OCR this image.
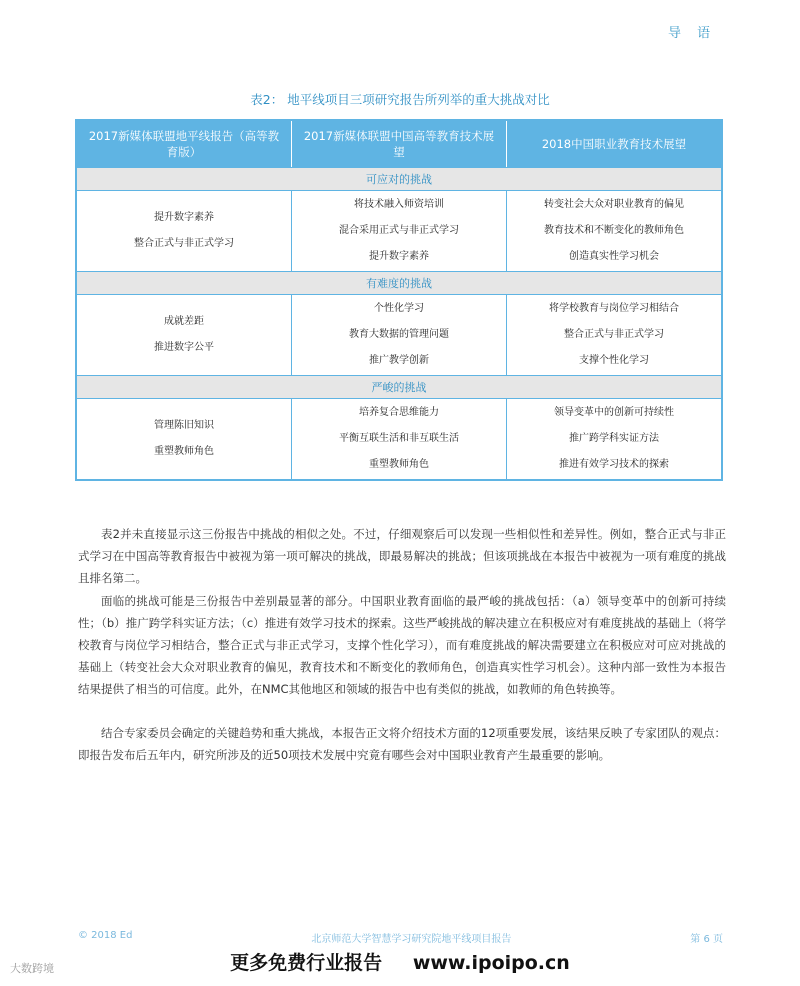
导 语
表2： 地平线项目三项研究报告所列举的重大挑战对比
2017新媒体联盟地平线报告（高等教育版）
2017新媒体联盟中国高等教育技术展望
2018中国职业教育技术展望
可应对的挑战
提升数字素养
整合正式与非正式学习
将技术融入师资培训
混合采用正式与非正式学习
提升数字素养
转变社会大众对职业教育的偏见
教育技术和不断变化的教师角色
创造真实性学习机会
有难度的挑战
成就差距
推进数字公平
个性化学习
教育大数据的管理问题
推广教学创新
将学校教育与岗位学习相结合
整合正式与非正式学习
支撑个性化学习
严峻的挑战
管理陈旧知识
重塑教师角色
培养复合思维能力
平衡互联生活和非互联生活
重塑教师角色
领导变革中的创新可持续性
推广跨学科实证方法
推进有效学习技术的探索

表2并未直接显示这三份报告中挑战的相似之处。不过，仔细观察后可以发现一些相似性和差异性。例如，整合正式与非正式学习在中国高等教育报告中被视为第一项可解决的挑战，即最易解决的挑战；但该项挑战在本报告中被视为一项有难度的挑战且排名第二。

面临的挑战可能是三份报告中差别最显著的部分。中国职业教育面临的最严峻的挑战包括：（a）领导变革中的创新可持续性；（b）推广跨学科实证方法；（c）推进有效学习技术的探索。这些严峻挑战的解决建立在积极应对有难度挑战的基础上（将学校教育与岗位学习相结合，整合正式与非正式学习，支撑个性化学习），而有难度挑战的解决需要建立在积极应对可应对挑战的基础上（转变社会大众对职业教育的偏见，教育技术和不断变化的教师角色，创造真实性学习机会）。这种内部一致性为本报告结果提供了相当的可信度。此外，在NMC其他地区和领域的报告中也有类似的挑战，如教师的角色转换等。

结合专家委员会确定的关键趋势和重大挑战，本报告正文将介绍技术方面的12项重要发展，该结果反映了专家团队的观点：即报告发布后五年内，研究所涉及的近50项技术发展中究竟有哪些会对中国职业教育产生最重要的影响。

© 2018 Ed	北京师范大学智慧学习研究院地平线项目报告	第 6 页
更多免费行业报告 www.ipoipo.cn
大数跨境
